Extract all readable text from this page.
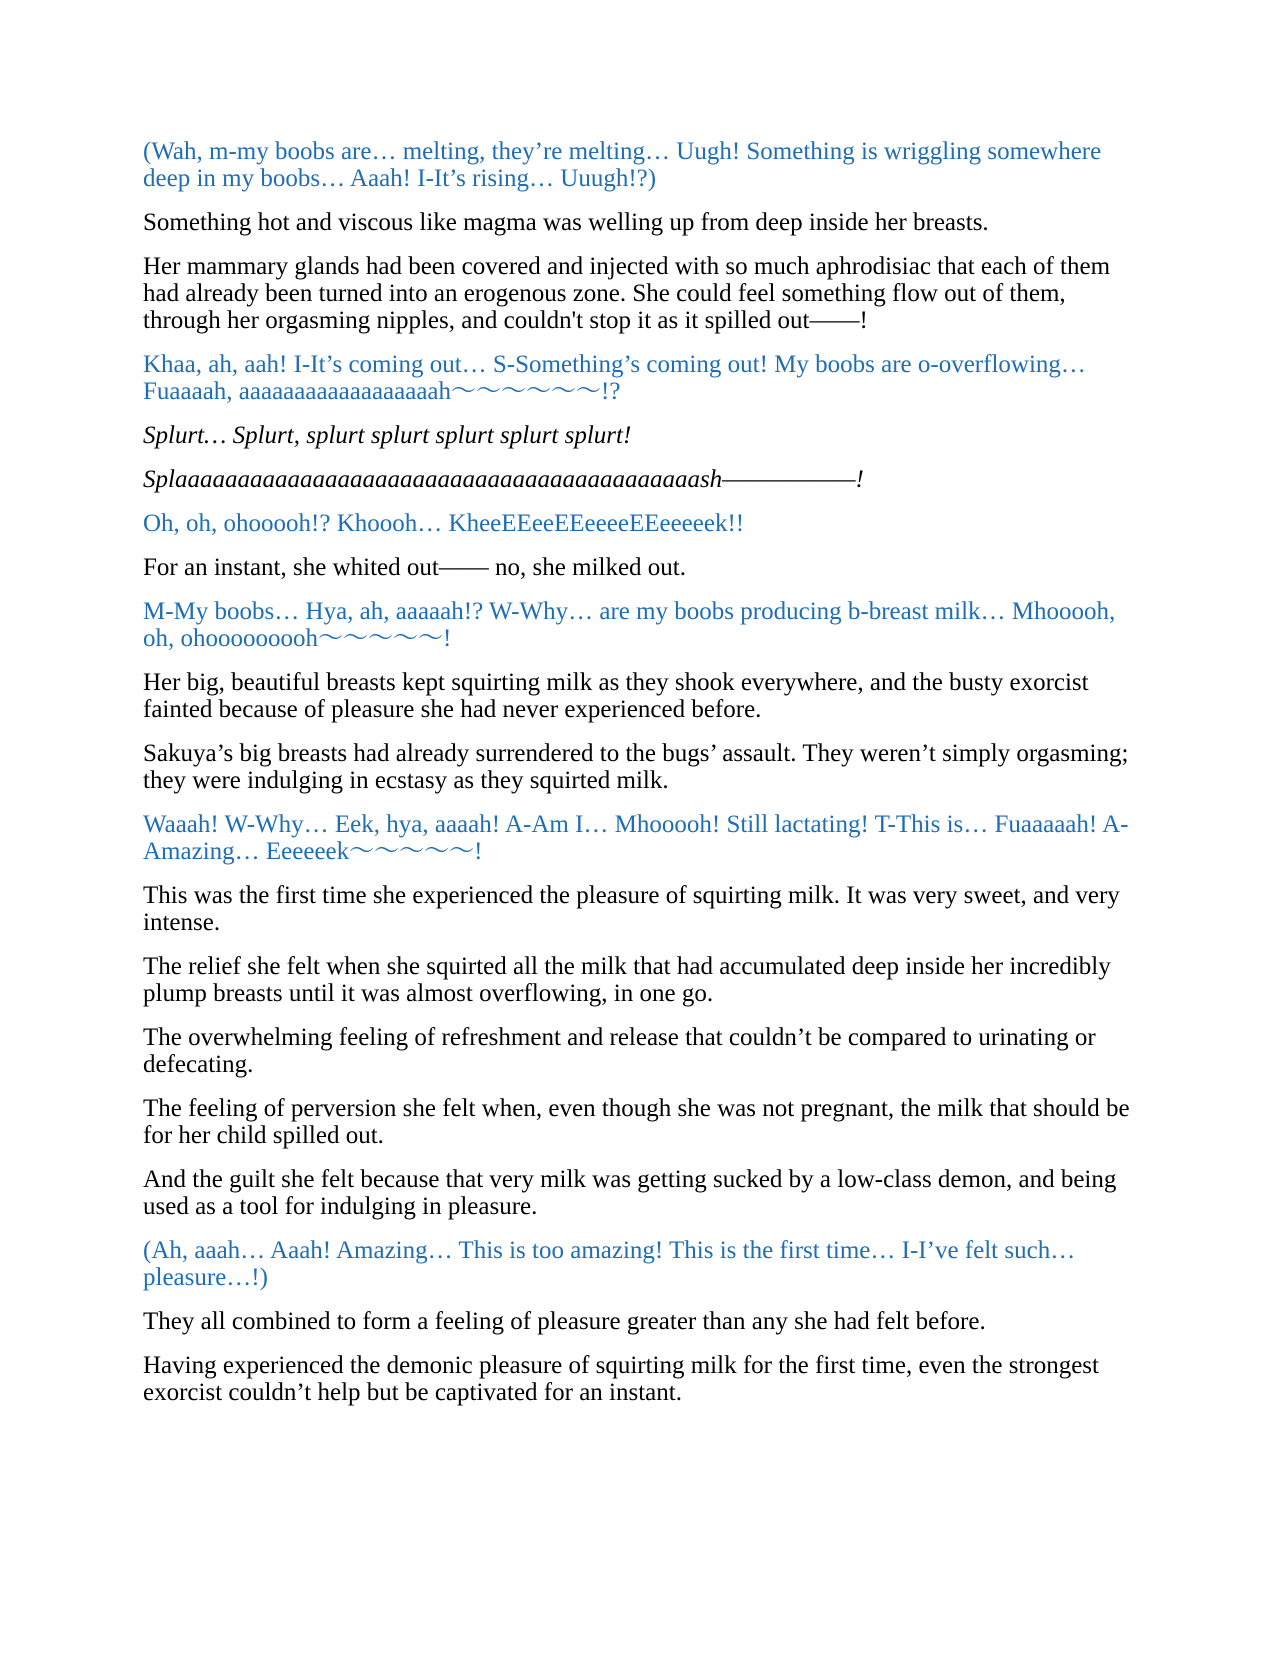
(Wah, m-my boobs are… melting, they’re melting… Uugh! Something is wriggling somewhere deep in my boobs… Aaah! I-It’s rising… Uuugh!?)

Something hot and viscous like magma was welling up from deep inside her breasts.

Her mammary glands had been covered and injected with so much aphrodisiac that each of them had already been turned into an erogenous zone. She could feel something flow out of them, through her orgasming nipples, and couldn't stop it as it spilled out——!

Khaa, ah, aah! I-It’s coming out… S-Something’s coming out! My boobs are o-overflowing… Fuaaaah, aaaaaaaaaaaaaaaaaah～～～～～～!?

Splurt… Splurt, splurt splurt splurt splurt splurt!

Splaaaaaaaaaaaaaaaaaaaaaaaaaaaaaaaaaaaaaaaaaash——————!

Oh, oh, ohooooh!? Khoooh… KheeEEeeEEeeeeEEeeeeek!!

For an instant, she whited out—— no, she milked out.

M-My boobs… Hya, ah, aaaaah!? W-Why… are my boobs producing b-breast milk… Mhooooh, oh, ohooooooooh～～～～～!

Her big, beautiful breasts kept squirting milk as they shook everywhere, and the busty exorcist fainted because of pleasure she had never experienced before.

Sakuya’s big breasts had already surrendered to the bugs’ assault. They weren’t simply orgasming; they were indulging in ecstasy as they squirted milk.

Waaah! W-Why… Eek, hya, aaaah! A-Am I… Mhooooh! Still lactating! T-This is… Fuaaaaah! A-Amazing… Eeeeeek～～～～～!

This was the first time she experienced the pleasure of squirting milk. It was very sweet, and very intense.

The relief she felt when she squirted all the milk that had accumulated deep inside her incredibly plump breasts until it was almost overflowing, in one go.

The overwhelming feeling of refreshment and release that couldn’t be compared to urinating or defecating.

The feeling of perversion she felt when, even though she was not pregnant, the milk that should be for her child spilled out.

And the guilt she felt because that very milk was getting sucked by a low-class demon, and being used as a tool for indulging in pleasure.

(Ah, aaah… Aaah! Amazing… This is too amazing! This is the first time… I-I’ve felt such… pleasure…!)

They all combined to form a feeling of pleasure greater than any she had felt before.

Having experienced the demonic pleasure of squirting milk for the first time, even the strongest exorcist couldn’t help but be captivated for an instant.
